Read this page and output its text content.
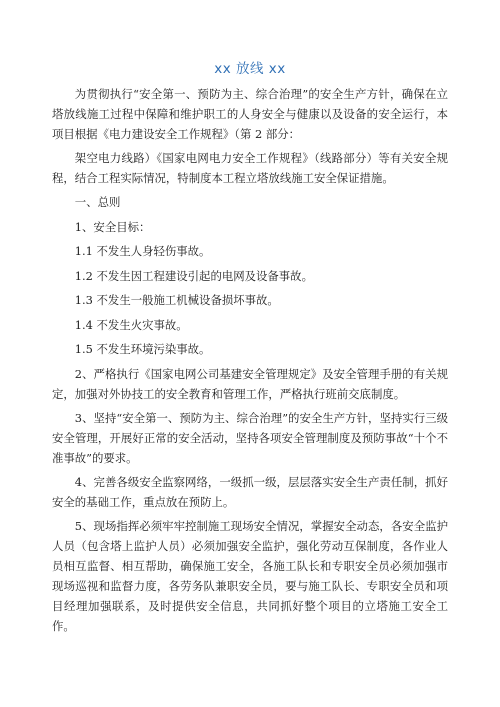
xx 放线 xx

为贯彻执行“安全第一、预防为主、综合治理”的安全生产方针，确保在立塔放线施工过程中保障和维护职工的人身安全与健康以及设备的安全运行，本项目根据《电力建设安全工作规程》（第 2 部分：

架空电力线路）《国家电网电力安全工作规程》（线路部分）等有关安全规程，结合工程实际情况，特制度本工程立塔放线施工安全保证措施。

一、总则

1、安全目标：

1.1 不发生人身轻伤事故。

1.2 不发生因工程建设引起的电网及设备事故。

1.3 不发生一般施工机械设备损坏事故。

1.4 不发生火灾事故。

1.5 不发生环境污染事故。

2、严格执行《国家电网公司基建安全管理规定》及安全管理手册的有关规定，加强对外协技工的安全教育和管理工作，严格执行班前交底制度。

3、坚持“安全第一、预防为主、综合治理”的安全生产方针，坚持实行三级安全管理，开展好正常的安全活动，坚持各项安全管理制度及预防事故“十个不准事故”的要求。

4、完善各级安全监察网络，一级抓一级，层层落实安全生产责任制，抓好安全的基础工作，重点放在预防上。

5、现场指挥必须牢牢控制施工现场安全情况，掌握安全动态，各安全监护人员（包含塔上监护人员）必须加强安全监护，强化劳动互保制度，各作业人员相互监督、相互帮助，确保施工安全，各施工队长和专职安全员必须加强市现场巡视和监督力度，各劳务队兼职安全员，要与施工队长、专职安全员和项目经理加强联系，及时提供安全信息，共同抓好整个项目的立塔施工安全工作。
